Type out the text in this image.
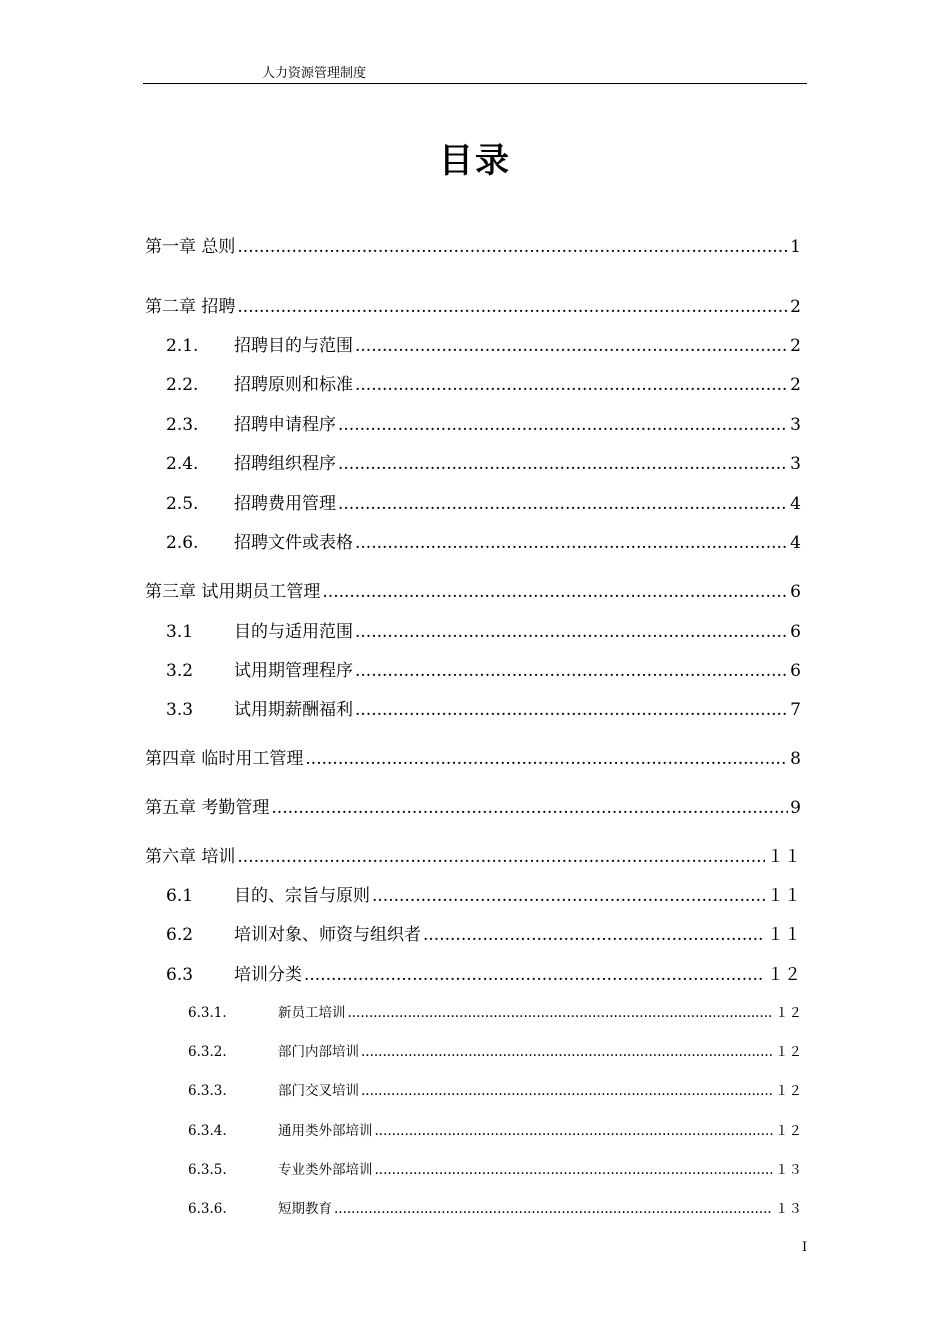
人力资源管理制度
目录
第一章 总则 .....	1
第二章 招聘 .....	2
2.1.	招聘目的与范围 .....	2
2.2.	招聘原则和标准 .....	2
2.3.	招聘申请程序 .....	3
2.4.	招聘组织程序 .....	3
2.5.	招聘费用管理 .....	4
2.6.	招聘文件或表格 .....	4
第三章 试用期员工管理 .....	6
3.1	目的与适用范围 .....	6
3.2	试用期管理程序 .....	6
3.3	试用期薪酬福利 .....	7
第四章 临时用工管理 .....	8
第五章 考勤管理 .....	9
第六章 培训 .....	１１
6.1	目的、宗旨与原则 .....	１１
6.2	培训对象、师资与组织者 .....	１１
6.3	培训分类 .....	１２
6.3.1.	新员工培训 .....	１２
6.3.2.	部门内部培训 .....	１２
6.3.3.	部门交叉培训 .....	１２
6.3.4.	通用类外部培训 .....	１２
6.3.5.	专业类外部培训 .....	１３
6.3.6.	短期教育 .....	１３
I
